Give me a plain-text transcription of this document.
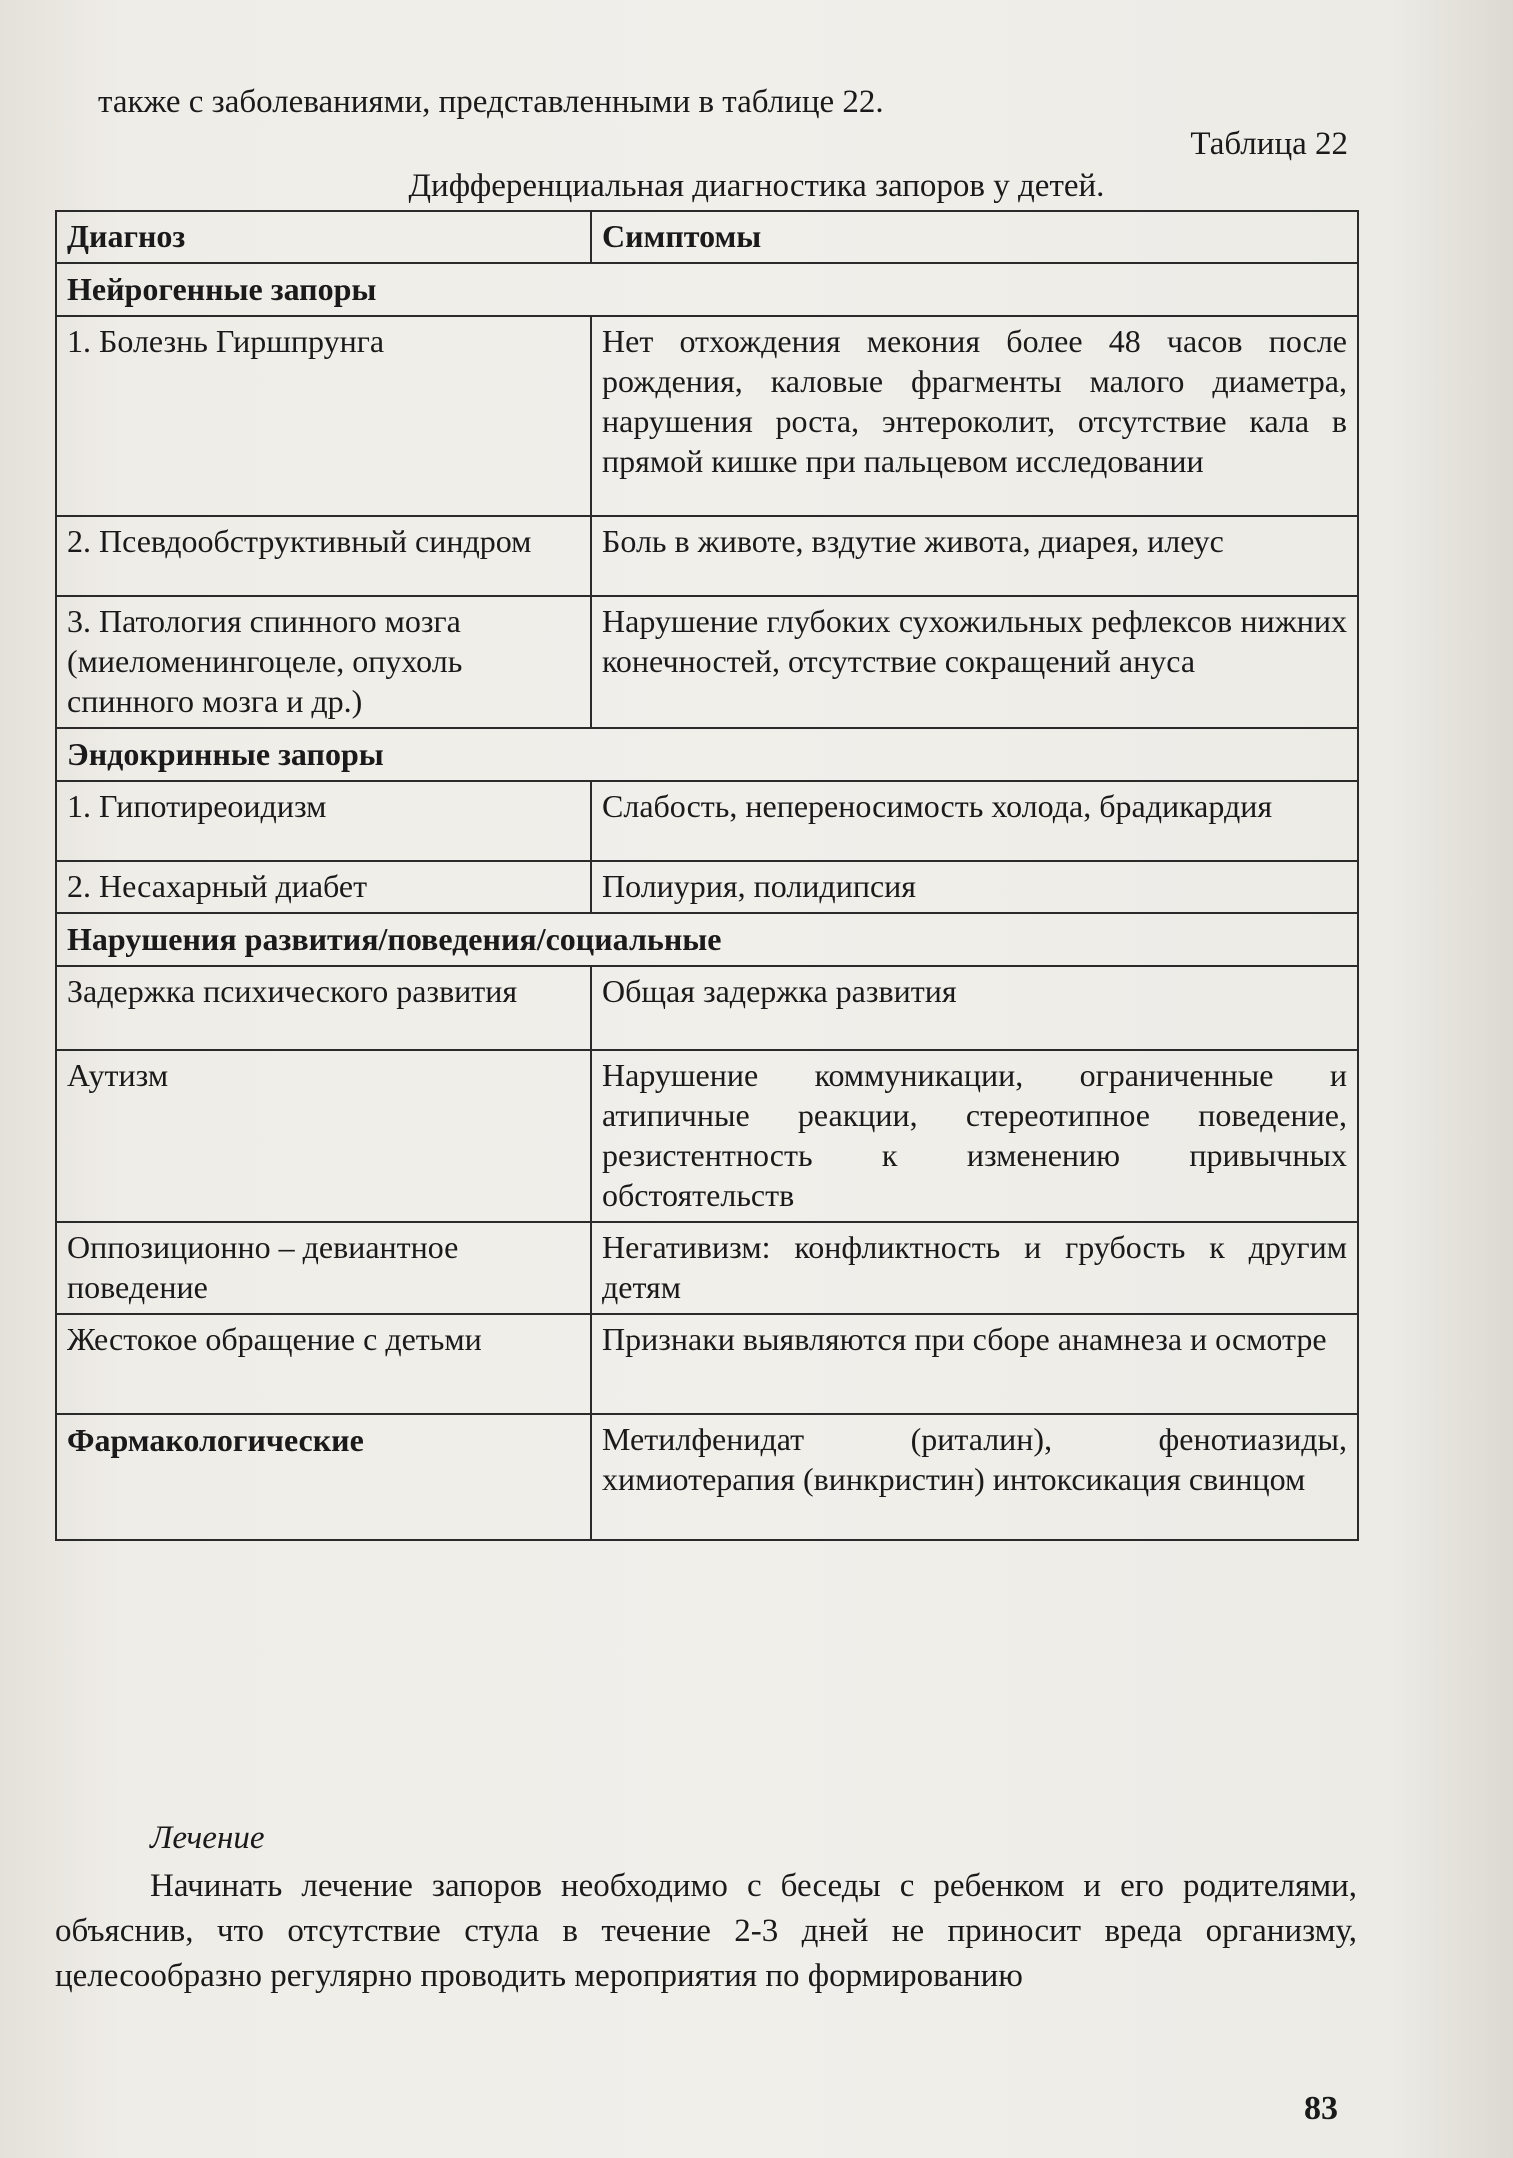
также с заболеваниями, представленными в таблице 22.
Таблица 22
Дифференциальная диагностика запоров у детей.
Диагноз	Симптомы
Нейрогенные запоры	
1. Болезнь Гиршпрунга	Нет отхождения мекония более 48 часов после рождения, каловые фрагменты малого диаметра, нарушения роста, энтероколит, отсутствие кала в прямой кишке при пальцевом исследовании
2. Псевдообструктивный синдром	Боль в животе, вздутие живота, диарея, илеус
3. Патология спинного мозга (миеломенингоцеле, опухоль спинного мозга и др.)	Нарушение глубоких сухожильных рефлексов нижних конечностей, отсутствие сокращений ануса
Эндокринные запоры	
1. Гипотиреоидизм	Слабость, непереносимость холода, брадикардия
2. Несахарный диабет	Полиурия, полидипсия
Нарушения развития/поведения/социальные	
Задержка психического развития	Общая задержка развития
Аутизм	Нарушение коммуникации, ограниченные и атипичные реакции, стереотипное поведение, резистентность к изменению привычных обстоятельств
Оппозиционно – девиантное поведение	Негативизм: конфликтность и грубость к другим детям
Жестокое обращение с детьми	Признаки выявляются при сборе анамнеза и осмотре
Фармакологические	Метилфенидат (риталин), фенотиазиды, химиотерапия (винкристин) интоксикация свинцом
Лечение
Начинать лечение запоров необходимо с беседы с ребенком и его родителями, объяснив, что отсутствие стула в течение 2-3 дней не приносит вреда организму, целесообразно регулярно проводить мероприятия по формированию
83
